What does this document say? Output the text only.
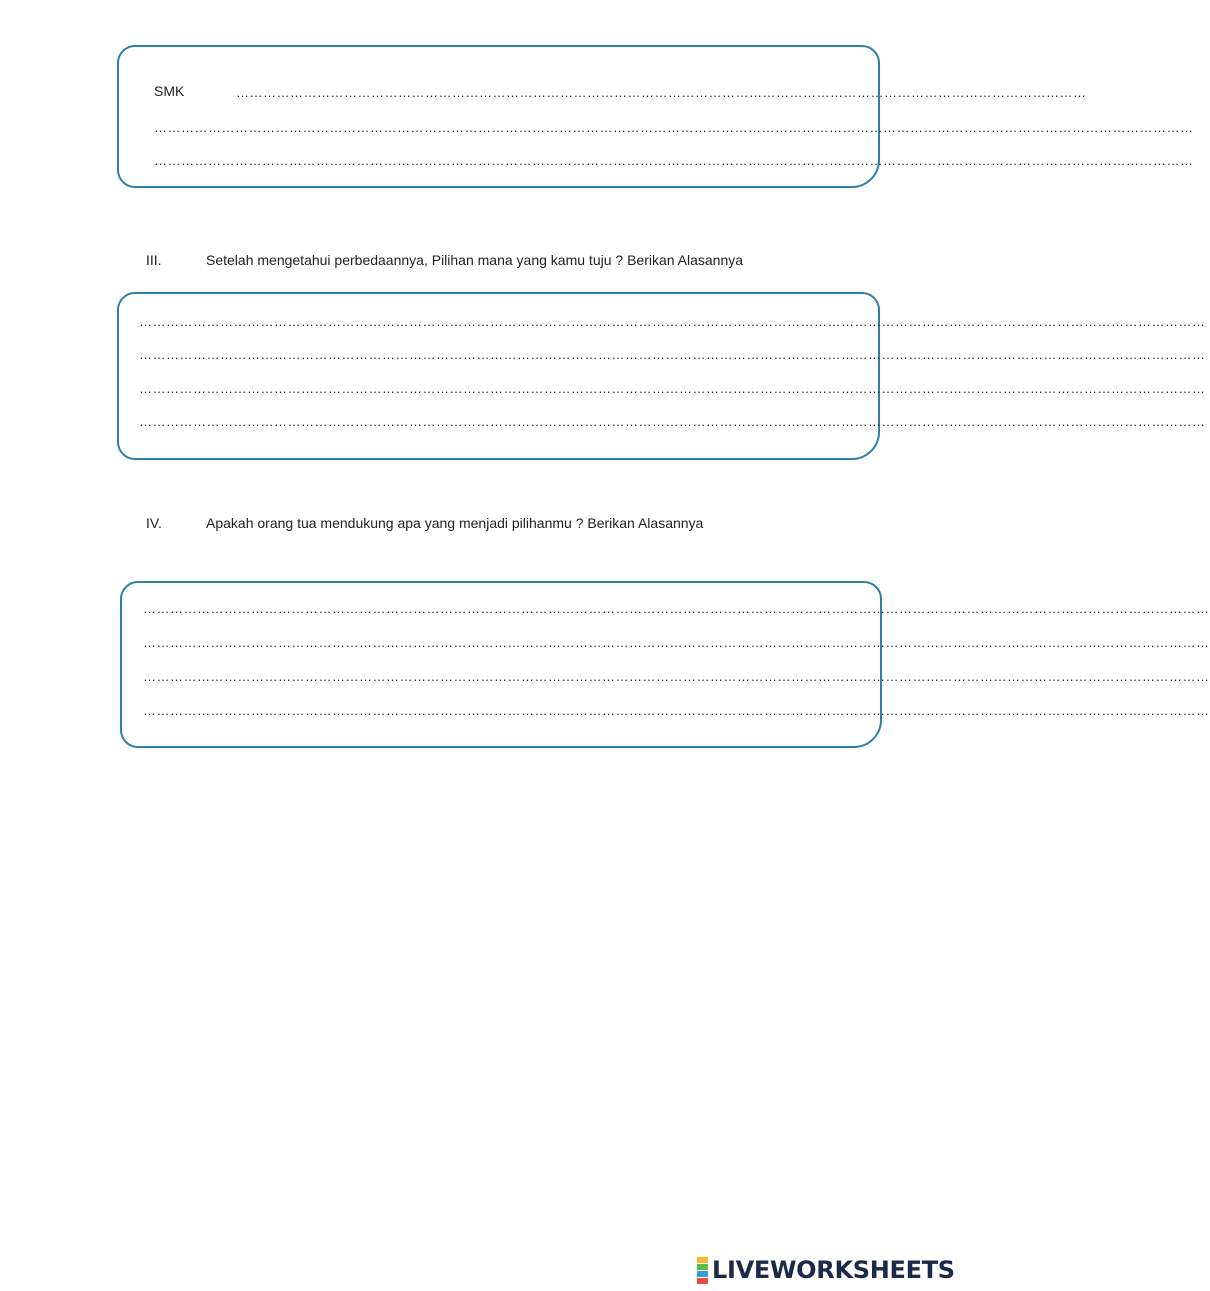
SMK	………………………………………………………………………………………………………………………………………………………………………
……………………………………………………………………………………………………………………………………………………………………………………………………………
……………………………………………………………………………………………………………………………………………………………………………………………………………
III.	Setelah mengetahui perbedaannya, Pilihan mana yang kamu tuju ? Berikan Alasannya
…………………………………………………………………………………………………………………………………………………………………………………………………………………
…………………………………………………………………………………………………………………………………………………………………………………………………………………
…………………………………………………………………………………………………………………………………………………………………………………………………………………
…………………………………………………………………………………………………………………………………………………………………………………………………………………
IV.	Apakah orang tua mendukung apa yang menjadi pilihanmu ? Berikan Alasannya
…………………………………………………………………………………………………………………………………………………………………………………………………………………
…………………………………………………………………………………………………………………………………………………………………………………………………………………
…………………………………………………………………………………………………………………………………………………………………………………………………………………
…………………………………………………………………………………………………………………………………………………………………………………………………………………
LIVEWORKSHEETS
